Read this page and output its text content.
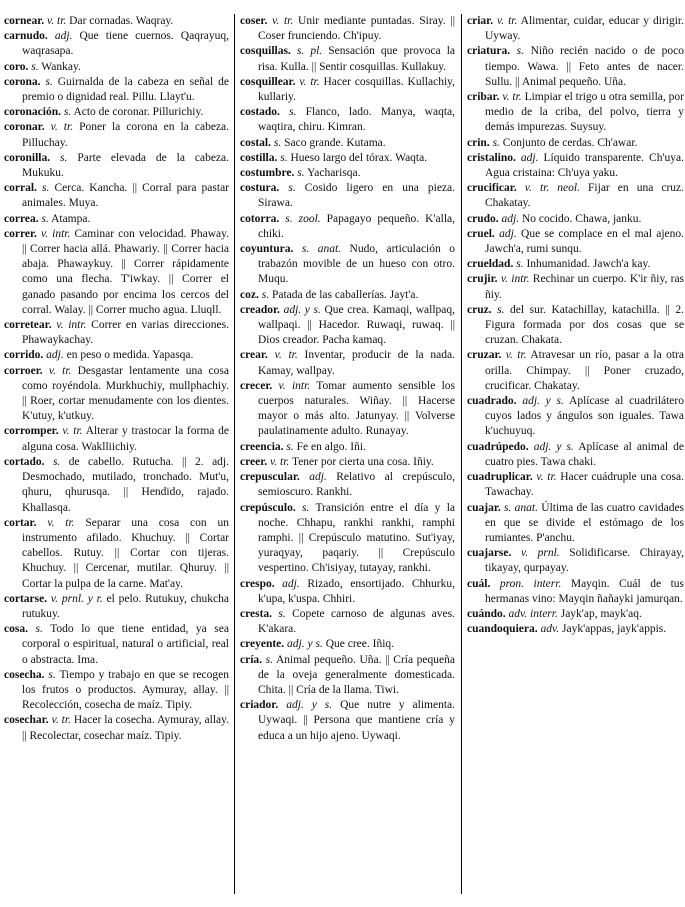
cornear. v. tr. Dar cornadas. Waqray.

carnudo. adj. Que tiene cuernos. Qaqrayuq, waqrasapa.

coro. s. Wankay.

corona. s. Guirnalda de la cabeza en señal de premio o dignidad real. Pillu. Llayt'u.

coronación. s. Acto de coronar. Pillurichiy.

coronar. v. tr. Poner la corona en la cabeza. Pilluchay.

coronilla. s. Parte elevada de la cabeza. Mukuku.

corral. s. Cerca. Kancha. || Corral para pastar animales. Muya.

correa. s. Atampa.

correr. v. intr. Caminar con velocidad. Phaway. || Correr hacia allá. Phawariy. || Correr hacia abaja. Phawaykuy. || Correr rápidamente como una flecha. T'iwkay. || Correr el ganado pasando por encima los cercos del corral. Walay. || Correr mucho agua. Lluqll.

corretear. v. intr. Correr en varias direcciones. Phawaykachay.

corrido. adj. en peso o medida. Yapasqa.

corroer. v. tr. Desgastar lentamente una cosa como royéndola. Murkhuchiy, mullphachiy. || Roer, cortar menudamente con los dientes. K'utuy, k'utkuy.

corromper. v. tr. Alterar y trastocar la forma de alguna cosa. Waklliichiy.

cortado. s. de cabello. Rutucha. || 2. adj. Desmochado, mutilado, tronchado. Mut'u, qhuru, qhurusqa. || Hendido, rajado. Khallasqa.

cortar. v. tr. Separar una cosa con un instrumento afilado. Khuchuy. || Cortar cabellos. Rutuy. || Cortar con tijeras. Khuchuy. || Cercenar, mutilar. Qhuruy. || Cortar la pulpa de la carne. Mat'ay.

cortarse. v. prnl. y r. el pelo. Rutukuy, chukcha rutukuy.

cosa. s. Todo lo que tiene entidad, ya sea corporal o espiritual, natural o artificial, real o abstracta. Ima.

cosecha. s. Tiempo y trabajo en que se recogen los frutos o productos. Aymuray, allay. || Recolección, cosecha de maíz. Tipiy.

cosechar. v. tr. Hacer la cosecha. Aymuray, allay. || Recolectar, cosechar maíz. Tipiy.

coser. v. tr. Unir mediante puntadas. Siray. || Coser frunciendo. Ch'ipuy.

cosquillas. s. pl. Sensación que provoca la risa. Kulla. || Sentir cosquillas. Kullakuy.

cosquillear. v. tr. Hacer cosquillas. Kullachiy, kullariy.

costado. s. Flanco, lado. Manya, waqta, waqtira, chiru. Kimran.

costal. s. Saco grande. Kutama.

costilla. s. Hueso largo del tórax. Waqta.

costumbre. s. Yacharisqa.

costura. s. Cosido ligero en una pieza. Sirawa.

cotorra. s. zool. Papagayo pequeño. K'alla, chiki.

coyuntura. s. anat. Nudo, articulación o trabazón movible de un hueso con otro. Muqu.

coz. s. Patada de las caballerías. Jayt'a.

creador. adj. y s. Que crea. Kamaqi, wallpaq, wallpaqi. || Hacedor. Ruwaqi, ruwaq. || Dios creador. Pacha kamaq.

crear. v. tr. Inventar, producir de la nada. Kamay, wallpay.

crecer. v. intr. Tomar aumento sensible los cuerpos naturales. Wiñay. || Hacerse mayor o más alto. Jatunyay. || Volverse paulatinamente adulto. Runayay.

creencia. s. Fe en algo. Iñi.

creer. v. tr. Tener por cierta una cosa. Iñiy.

crepuscular. adj. Relativo al crepúsculo, semioscuro. Rankhi.

crepúsculo. s. Transición entre el día y la noche. Chhapu, rankhi rankhi, ramphi ramphi. || Crepúsculo matutino. Sut'iyay, yuraqyay, paqariy. || Crepúsculo vespertino. Ch'isiyay, tutayay, rankhi.

crespo. adj. Rizado, ensortijado. Chhurku, k'upa, k'uspa. Chhiri.

cresta. s. Copete carnoso de algunas aves. K'akara.

creyente. adj. y s. Que cree. Iñiq.

cría. s. Animal pequeño. Uña. || Cría pequeña de la oveja generalmente domesticada. Chita. || Cría de la llama. Tiwi.

criador. adj. y s. Que nutre y alimenta. Uywaqi. || Persona que mantiene cría y educa a un hijo ajeno. Uywaqi.

criar. v. tr. Alimentar, cuidar, educar y dirigir. Uyway.

criatura. s. Niño recién nacido o de poco tiempo. Wawa. || Feto antes de nacer. Sullu. || Animal pequeño. Uña.

cribar. v. tr. Limpiar el trigo u otra semilla, por medio de la criba, del polvo, tierra y demás impurezas. Suysuy.

crin. s. Conjunto de cerdas. Ch'awar.

cristalino. adj. Líquido transparente. Ch'uya. Agua cristaina: Ch'uya yaku.

crucificar. v. tr. neol. Fijar en una cruz. Chakatay.

crudo. adj. No cocido. Chawa, janku.

cruel. adj. Que se complace en el mal ajeno. Jawch'a, rumi sunqu.

crueldad. s. Inhumanidad. Jawch'a kay.

crujir. v. intr. Rechinar un cuerpo. K'ir ñiy, ras ñiy.

cruz. s. del sur. Katachillay, katachilla. || 2. Figura formada por dos cosas que se cruzan. Chakata.

cruzar. v. tr. Atravesar un río, pasar a la otra orilla. Chimpay. || Poner cruzado, crucificar. Chakatay.

cuadrado. adj. y s. Aplícase al cuadrilátero cuyos lados y ángulos son iguales. Tawa k'uchuyuq.

cuadrúpedo. adj. y s. Aplícase al animal de cuatro pies. Tawa chaki.

cuadruplicar. v. tr. Hacer cuádruple una cosa. Tawachay.

cuajar. s. anat. Última de las cuatro cavidades en que se divide el estómago de los rumiantes. P'anchu.

cuajarse. v. prnl. Solidificarse. Chirayay, tikayay, qurpayay.

cuál. pron. interr. Mayqin. Cuál de tus hermanas vino: Mayqin ñañayki jamurqan.

cuándo. adv. interr. Jayk'ap, mayk'aq.

cuandoquiera. adv. Jayk'appas, jayk'appis.
